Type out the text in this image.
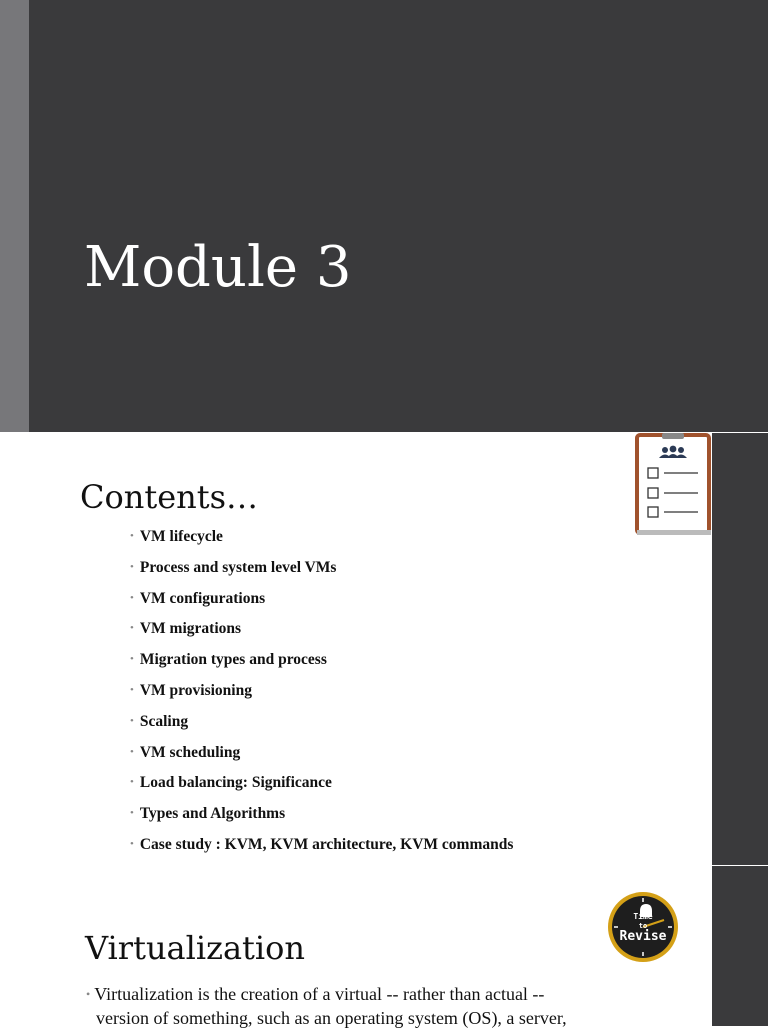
Module 3
Contents…
• VM lifecycle
• Process and system level VMs
• VM configurations
• VM migrations
• Migration types and process
• VM provisioning
• Scaling
• VM scheduling
• Load balancing: Significance
• Types and Algorithms
• Case study : KVM, KVM architecture, KVM commands
Time
to
Revise
Virtualization
• Virtualization is the creation of a virtual -- rather than actual --
version of something, such as an operating system (OS), a server,
